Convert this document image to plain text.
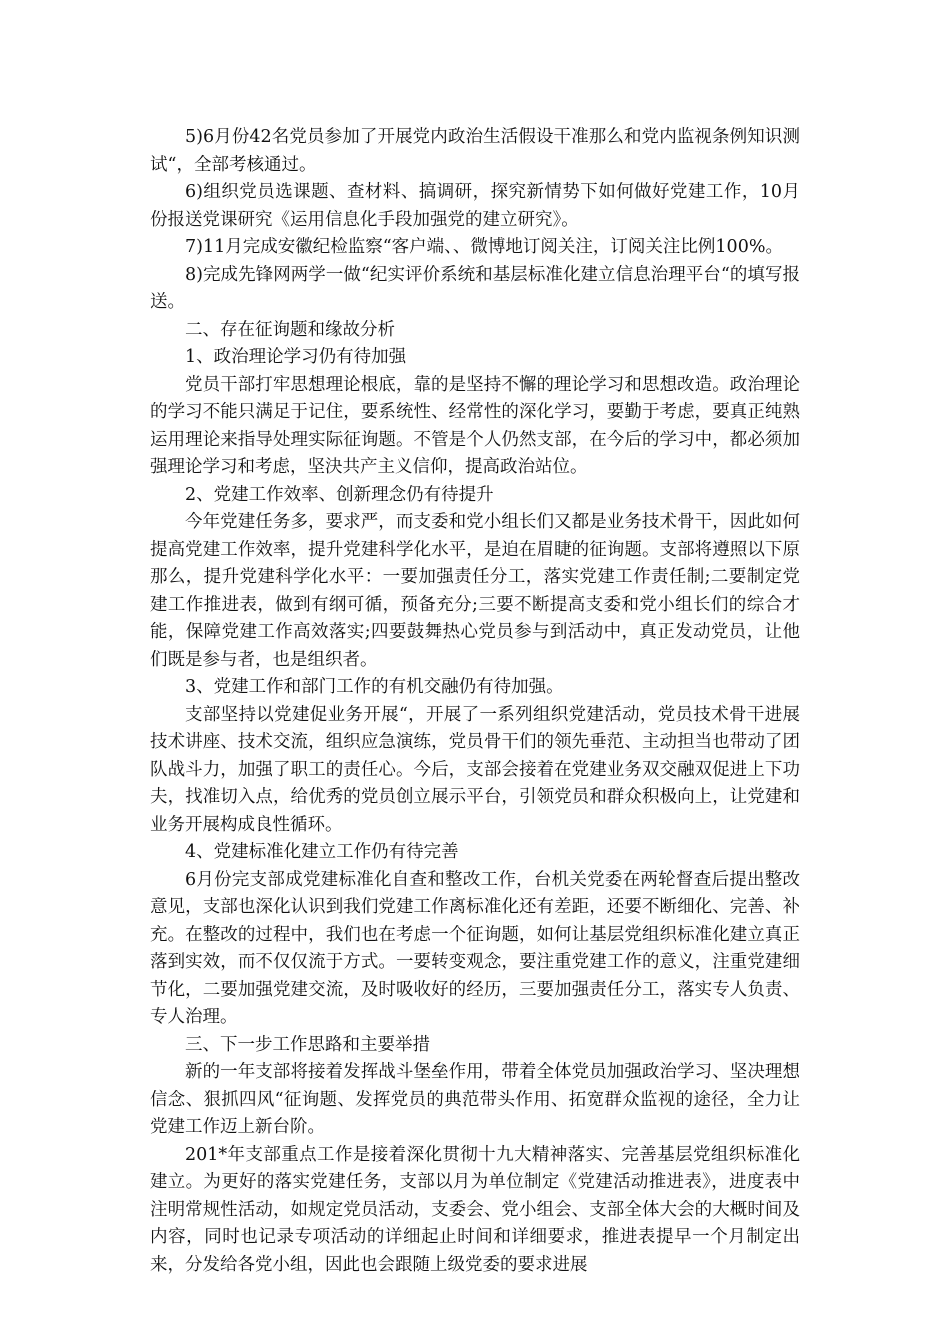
5)6月份42名党员参加了开展党内政治生活假设干准那么和党内监视条例知识测试“，全部考核通过。

6)组织党员选课题、查材料、搞调研，探究新情势下如何做好党建工作，10月份报送党课研究《运用信息化手段加强党的建立研究》。

7)11月完成安徽纪检监察“客户端、、微博地订阅关注，订阅关注比例100%。

8)完成先锋网两学一做“纪实评价系统和基层标准化建立信息治理平台“的填写报送。

二、存在征询题和缘故分析

1、政治理论学习仍有待加强

党员干部打牢思想理论根底，靠的是坚持不懈的理论学习和思想改造。政治理论的学习不能只满足于记住，要系统性、经常性的深化学习，要勤于考虑，要真正纯熟运用理论来指导处理实际征询题。不管是个人仍然支部，在今后的学习中，都必须加强理论学习和考虑，坚決共产主义信仰，提高政治站位。

2、党建工作效率、创新理念仍有待提升

今年党建任务多，要求严，而支委和党小组长们又都是业务技术骨干，因此如何提高党建工作效率，提升党建科学化水平，是迫在眉睫的征询题。支部将遵照以下原那么，提升党建科学化水平：一要加强责任分工，落实党建工作责任制;二要制定党建工作推进表，做到有纲可循，预备充分;三要不断提高支委和党小组长们的综合才能，保障党建工作高效落实;四要鼓舞热心党员参与到活动中，真正发动党员，让他们既是参与者，也是组织者。

3、党建工作和部门工作的有机交融仍有待加强。

支部坚持以党建促业务开展“，开展了一系列组织党建活动，党员技术骨干进展技术讲座、技术交流，组织应急演练，党员骨干们的领先垂范、主动担当也带动了团队战斗力，加强了职工的责任心。今后，支部会接着在党建业务双交融双促进上下功夫，找准切入点，给优秀的党员创立展示平台，引领党员和群众积极向上，让党建和业务开展构成良性循环。

4、党建标准化建立工作仍有待完善

6月份完支部成党建标准化自查和整改工作，台机关党委在两轮督查后提出整改意见，支部也深化认识到我们党建工作离标准化还有差距，还要不断细化、完善、补充。在整改的过程中，我们也在考虑一个征询题，如何让基层党组织标准化建立真正落到实效，而不仅仅流于方式。一要转变观念，要注重党建工作的意义，注重党建细节化，二要加强党建交流，及时吸收好的经历，三要加强责任分工，落实专人负责、专人治理。

三、下一步工作思路和主要举措

新的一年支部将接着发挥战斗堡垒作用，带着全体党员加强政治学习、坚决理想信念、狠抓四风“征询题、发挥党员的典范带头作用、拓宽群众监视的途径，全力让党建工作迈上新台阶。

201*年支部重点工作是接着深化贯彻十九大精神落实、完善基层党组织标准化建立。为更好的落实党建任务，支部以月为单位制定《党建活动推进表》，进度表中注明常规性活动，如规定党员活动，支委会、党小组会、支部全体大会的大概时间及内容，同时也记录专项活动的详细起止时间和详细要求，推进表提早一个月制定出来，分发给各党小组，因此也会跟随上级党委的要求进展
